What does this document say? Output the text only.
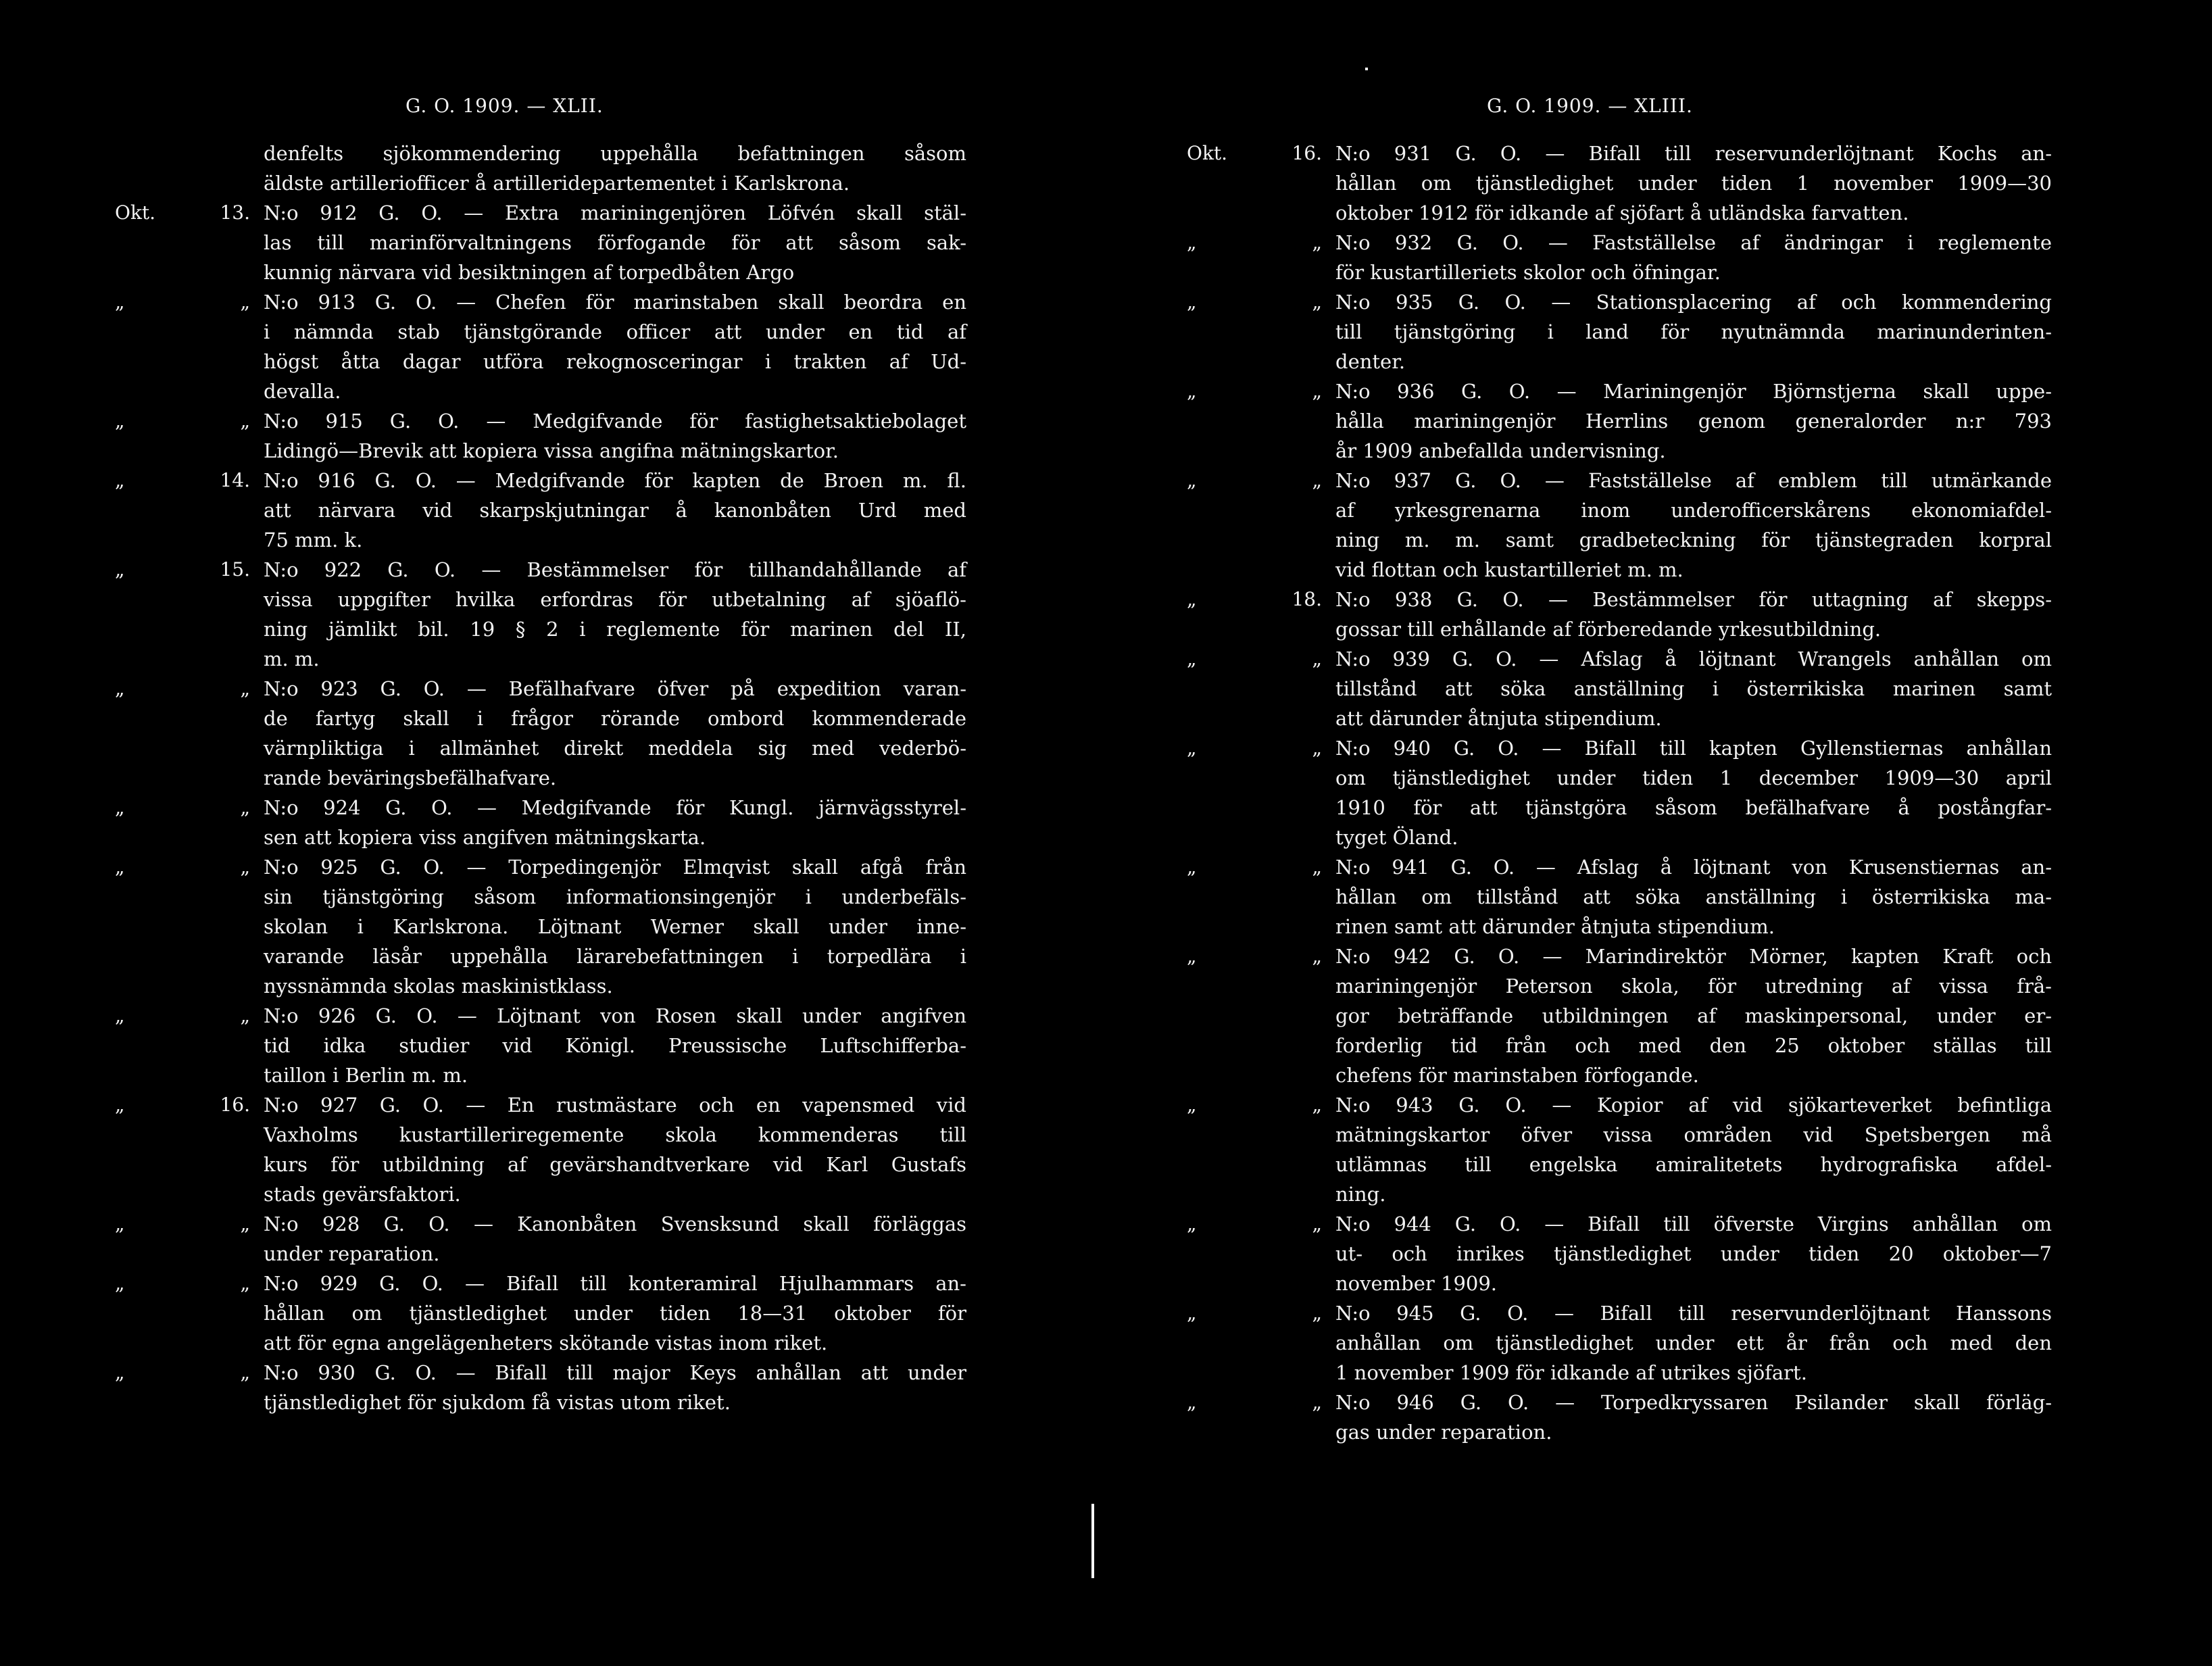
G. O. 1909. — XLII.
denfelts sjökommendering uppehålla befattningen såsom
äldste artilleriofficer å artilleridepartementet i Karlskrona.
Okt.	13. N:o 912 G. O. — Extra mariningenjören Löfvén skall stäl-
las till marinförvaltningens förfogande för att såsom sak-
kunnig närvara vid besiktningen af torpedbåten Argo
„	„ N:o 913 G. O. — Chefen för marinstaben skall beordra en
i nämnda stab tjänstgörande officer att under en tid af
högst åtta dagar utföra rekognosceringar i trakten af Ud-
devalla.
„	„ N:o 915 G. O. — Medgifvande för fastighetsaktiebolaget
Lidingö—Brevik att kopiera vissa angifna mätningskartor.
„	14. N:o 916 G. O. — Medgifvande för kapten de Broen m. fl.
att närvara vid skarpskjutningar å kanonbåten Urd med
75 mm. k.
„	15. N:o 922 G. O. — Bestämmelser för tillhandahållande af
vissa uppgifter hvilka erfordras för utbetalning af sjöaflö-
ning jämlikt bil. 19 § 2 i reglemente för marinen del II,
m. m.
„	„ N:o 923 G. O. — Befälhafvare öfver på expedition varan-
de fartyg skall i frågor rörande ombord kommenderade
värnpliktiga i allmänhet direkt meddela sig med vederbö-
rande beväringsbefälhafvare.
„	„ N:o 924 G. O. — Medgifvande för Kungl. järnvägsstyrel-
sen att kopiera viss angifven mätningskarta.
„	„ N:o 925 G. O. — Torpedingenjör Elmqvist skall afgå från
sin tjänstgöring såsom informationsingenjör i underbefäls-
skolan i Karlskrona. Löjtnant Werner skall under inne-
varande läsår uppehålla lärarebefattningen i torpedlära i
nyssnämnda skolas maskinistklass.
„	„ N:o 926 G. O. — Löjtnant von Rosen skall under angifven
tid idka studier vid Königl. Preussische Luftschifferba-
taillon i Berlin m. m.
„	16. N:o 927 G. O. — En rustmästare och en vapensmed vid
Vaxholms kustartilleriregemente skola kommenderas till
kurs för utbildning af gevärshandtverkare vid Karl Gustafs
stads gevärsfaktori.
„	„ N:o 928 G. O. — Kanonbåten Svensksund skall förläggas
under reparation.
„	„ N:o 929 G. O. — Bifall till konteramiral Hjulhammars an-
hållan om tjänstledighet under tiden 18—31 oktober för
att för egna angelägenheters skötande vistas inom riket.
„	„ N:o 930 G. O. — Bifall till major Keys anhållan att under
tjänstledighet för sjukdom få vistas utom riket.
G. O. 1909. — XLIII.
Okt.	16. N:o 931 G. O. — Bifall till reservunderlöjtnant Kochs an-
hållan om tjänstledighet under tiden 1 november 1909—30
oktober 1912 för idkande af sjöfart å utländska farvatten.
„	„ N:o 932 G. O. — Fastställelse af ändringar i reglemente
för kustartilleriets skolor och öfningar.
„	„ N:o 935 G. O. — Stationsplacering af och kommendering
till tjänstgöring i land för nyutnämnda marinunderinten-
denter.
„	„ N:o 936 G. O. — Mariningenjör Björnstjerna skall uppe-
hålla mariningenjör Herrlins genom generalorder n:r 793
år 1909 anbefallda undervisning.
„	„ N:o 937 G. O. — Fastställelse af emblem till utmärkande
af yrkesgrenarna inom underofficerskårens ekonomiafdel-
ning m. m. samt gradbeteckning för tjänstegraden korpral
vid flottan och kustartilleriet m. m.
„	18. N:o 938 G. O. — Bestämmelser för uttagning af skepps-
gossar till erhållande af förberedande yrkesutbildning.
„	„ N:o 939 G. O. — Afslag å löjtnant Wrangels anhållan om
tillstånd att söka anställning i österrikiska marinen samt
att därunder åtnjuta stipendium.
„	„ N:o 940 G. O. — Bifall till kapten Gyllenstiernas anhållan
om tjänstledighet under tiden 1 december 1909—30 april
1910 för att tjänstgöra såsom befälhafvare å postångfar-
tyget Öland.
„	„ N:o 941 G. O. — Afslag å löjtnant von Krusenstiernas an-
hållan om tillstånd att söka anställning i österrikiska ma-
rinen samt att därunder åtnjuta stipendium.
„	„ N:o 942 G. O. — Marindirektör Mörner, kapten Kraft och
mariningenjör Peterson skola, för utredning af vissa frå-
gor beträffande utbildningen af maskinpersonal, under er-
forderlig tid från och med den 25 oktober ställas till
chefens för marinstaben förfogande.
„	„ N:o 943 G. O. — Kopior af vid sjökarteverket befintliga
mätningskartor öfver vissa områden vid Spetsbergen må
utlämnas till engelska amiralitetets hydrografiska afdel-
ning.
„	„ N:o 944 G. O. — Bifall till öfverste Virgins anhållan om
ut- och inrikes tjänstledighet under tiden 20 oktober—7
november 1909.
„	„ N:o 945 G. O. — Bifall till reservunderlöjtnant Hanssons
anhållan om tjänstledighet under ett år från och med den
1 november 1909 för idkande af utrikes sjöfart.
„	„ N:o 946 G. O. — Torpedkryssaren Psilander skall förläg-
gas under reparation.
